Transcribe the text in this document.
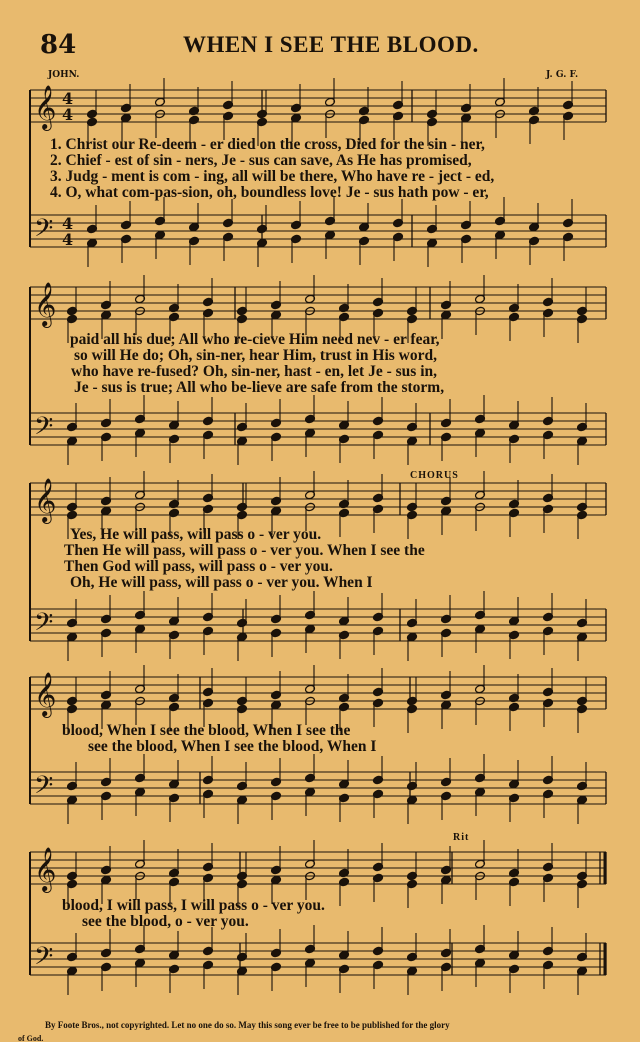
𝄞
𝄢
4
4
4
4
𝄞
𝄢
𝄞
𝄢
𝄞
𝄢
𝄞
𝄢
84	WHEN I SEE THE BLOOD.
JOHN.	J. G. F.
1. Christ our Re-deem - er died on the cross, Died for the sin - ner,
2. Chief - est of sin - ners, Je - sus can save, As He has promised,
3. Judg - ment is com - ing, all will be there, Who have re - ject - ed,
4. O, what com-pas-sion, oh, boundless love! Je - sus hath pow - er,
paid all his due; All who re-cieve Him need nev - er fear,
so will He do; Oh, sin-ner, hear Him, trust in His word,
who have re-fused? Oh, sin-ner, hast - en, let Je - sus in,
Je - sus is true; All who be-lieve are safe from the storm,
CHORUS
Yes, He will pass, will pass o - ver you.
Then He will pass, will pass o - ver you. When I see the
Then God will pass, will pass o - ver you.
Oh, He will pass, will pass o - ver you. When I
blood, When I see the blood, When I see the
see the blood, When I see the blood, When I
Rit
blood, I will pass, I will pass o - ver you.
see the blood, o - ver you.
By Foote Bros., not copyrighted. Let no one do so. May this song ever be free to be published for the glory
of God.
